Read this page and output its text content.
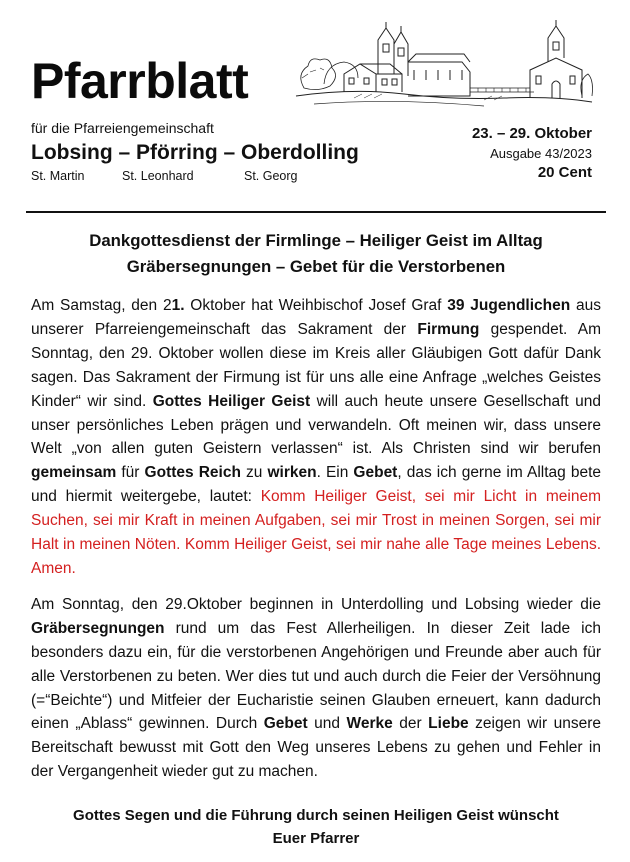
Pfarrblatt
für die Pfarreiengemeinschaft
Lobsing – Pförring – Oberdolling
St. Martin	St. Leonhard	St. Georg
23. – 29. Oktober
Ausgabe 43/2023
20 Cent
Dankgottesdienst der Firmlinge – Heiliger Geist im Alltag
Gräbersegnungen – Gebet für die Verstorbenen

Am Samstag, den 21. Oktober hat Weihbischof Josef Graf 39 Jugendlichen aus unserer Pfarreiengemeinschaft das Sakrament der Firmung gespendet. Am Sonntag, den 29. Oktober wollen diese im Kreis aller Gläubigen Gott dafür Dank sagen. Das Sakrament der Firmung ist für uns alle eine Anfrage „welches Geistes Kinder“ wir sind. Gottes Heiliger Geist will auch heute unsere Gesellschaft und unser persönliches Leben prägen und verwandeln. Oft meinen wir, dass unsere Welt „von allen guten Geistern verlassen“ ist. Als Christen sind wir berufen gemeinsam für Gottes Reich zu wirken. Ein Gebet, das ich gerne im Alltag bete und hiermit weitergebe, lautet: Komm Heiliger Geist, sei mir Licht in meinem Suchen, sei mir Kraft in meinen Aufgaben, sei mir Trost in meinen Sorgen, sei mir Halt in meinen Nöten. Komm Heiliger Geist, sei mir nahe alle Tage meines Lebens. Amen.

Am Sonntag, den 29.Oktober beginnen in Unterdolling und Lobsing wieder die Gräbersegnungen rund um das Fest Allerheiligen. In dieser Zeit lade ich besonders dazu ein, für die verstorbenen Angehörigen und Freunde aber auch für alle Verstorbenen zu beten. Wer dies tut und auch durch die Feier der Versöhnung (=“Beichte“) und Mitfeier der Eucharistie seinen Glauben erneuert, kann dadurch einen „Ablass“ gewinnen. Durch Gebet und Werke der Liebe zeigen wir unsere Bereitschaft bewusst mit Gott den Weg unseres Lebens zu gehen und Fehler in der Vergangenheit wieder gut zu machen.

Gottes Segen und die Führung durch seinen Heiligen Geist wünscht
Euer Pfarrer
